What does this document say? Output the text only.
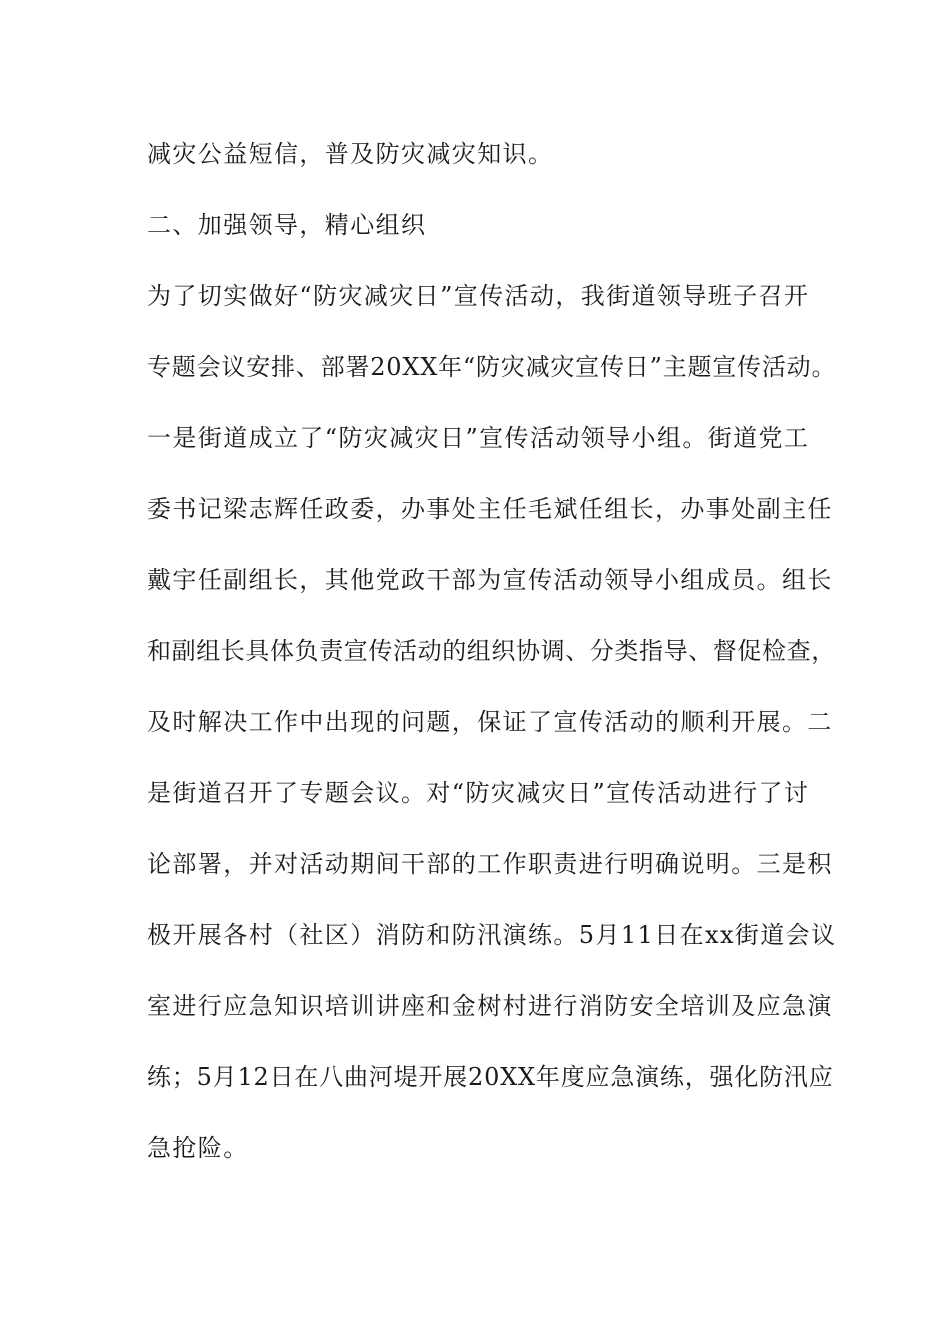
减灾公益短信，普及防灾减灾知识。
二、加强领导，精心组织
为了切实做好“防灾减灾日”宣传活动，我街道领导班子召开
专题会议安排、部署20XX年“防灾减灾宣传日”主题宣传活动。
一是街道成立了“防灾减灾日”宣传活动领导小组。街道党工
委书记梁志辉任政委，办事处主任毛斌任组长，办事处副主任
戴宇任副组长，其他党政干部为宣传活动领导小组成员。组长
和副组长具体负责宣传活动的组织协调、分类指导、督促检查，
及时解决工作中出现的问题，保证了宣传活动的顺利开展。二
是街道召开了专题会议。对“防灾减灾日”宣传活动进行了讨
论部署，并对活动期间干部的工作职责进行明确说明。三是积
极开展各村（社区）消防和防汛演练。5月11日在xx街道会议
室进行应急知识培训讲座和金树村进行消防安全培训及应急演
练；5月12日在八曲河堤开展20XX年度应急演练，强化防汛应
急抢险。
